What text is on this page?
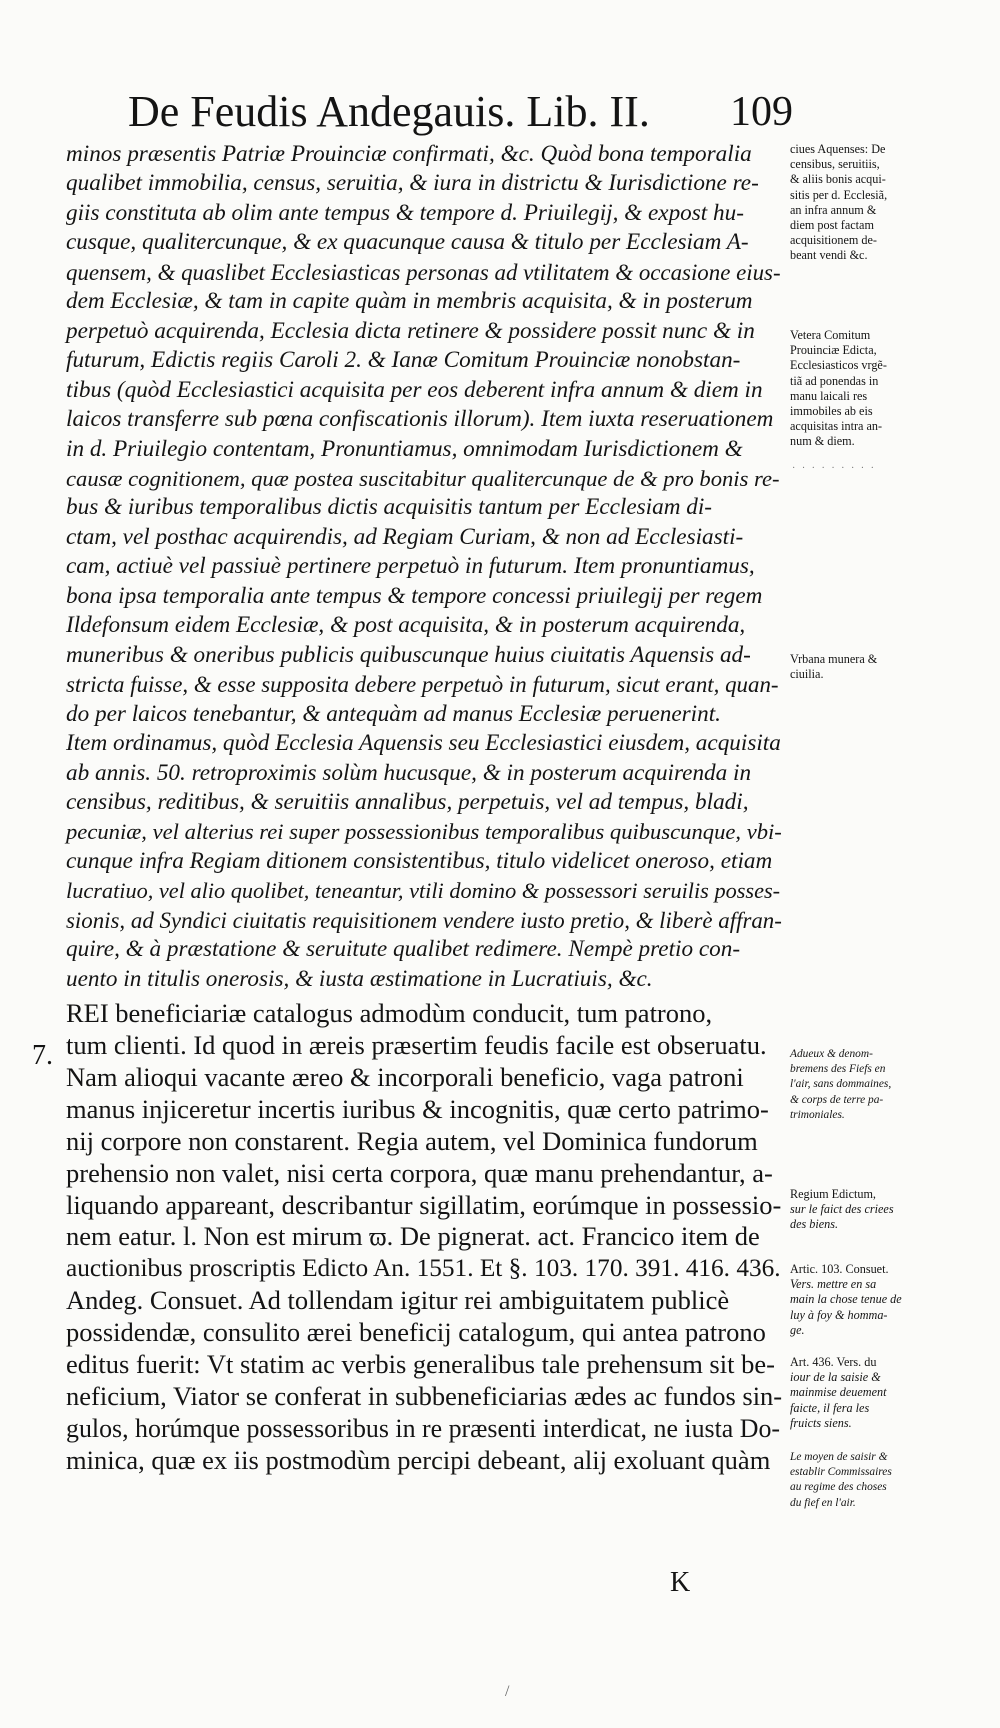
De Feudis Andegauis. Lib. II. 109
minos præsentis Patriæ Prouinciæ confirmati, &c. Quòd bona temporalia
qualibet immobilia, census, seruitia, & iura in districtu & Iurisdictione re-
giis constituta ab olim ante tempus & tempore d. Priuilegij, & expost hu-
cusque, qualitercunque, & ex quacunque causa & titulo per Ecclesiam A-
quensem, & quaslibet Ecclesiasticas personas ad vtilitatem & occasione eius-
dem Ecclesiæ, & tam in capite quàm in membris acquisita, & in posterum
perpetuò acquirenda, Ecclesia dicta retinere & possidere possit nunc & in
futurum, Edictis regiis Caroli 2. & Ianæ Comitum Prouinciæ nonobstan-
tibus (quòd Ecclesiastici acquisita per eos deberent infra annum & diem in
laicos transferre sub pœna confiscationis illorum). Item iuxta reseruationem
in d. Priuilegio contentam, Pronuntiamus, omnimodam Iurisdictionem &
causæ cognitionem, quæ postea suscitabitur qualitercunque de & pro bonis re-
bus & iuribus temporalibus dictis acquisitis tantum per Ecclesiam di-
ctam, vel posthac acquirendis, ad Regiam Curiam, & non ad Ecclesiasti-
cam, actiuè vel passiuè pertinere perpetuò in futurum. Item pronuntiamus,
bona ipsa temporalia ante tempus & tempore concessi priuilegij per regem
Ildefonsum eidem Ecclesiæ, & post acquisita, & in posterum acquirenda,
muneribus & oneribus publicis quibuscunque huius ciuitatis Aquensis ad-
stricta fuisse, & esse supposita debere perpetuò in futurum, sicut erant, quan-
do per laicos tenebantur, & antequàm ad manus Ecclesiæ peruenerint.
Item ordinamus, quòd Ecclesia Aquensis seu Ecclesiastici eiusdem, acquisita
ab annis. 50. retroproximis solùm hucusque, & in posterum acquirenda in
censibus, reditibus, & seruitiis annalibus, perpetuis, vel ad tempus, bladi,
pecuniæ, vel alterius rei super possessionibus temporalibus quibuscunque, vbi-
cunque infra Regiam ditionem consistentibus, titulo videlicet oneroso, etiam
lucratiuo, vel alio quolibet, teneantur, vtili domino & possessori seruilis posses-
sionis, ad Syndici ciuitatis requisitionem vendere iusto pretio, & liberè affran-
quire, & à præstatione & seruitute qualibet redimere. Nempè pretio con-
uento in titulis onerosis, & iusta æstimatione in Lucratiuis, &c.
REI beneficiariæ catalogus admodùm conducit, tum patrono,
tum clienti. Id quod in æreis præsertim feudis facile est obseruatu.
Nam alioqui vacante æreo & incorporali beneficio, vaga patroni
manus injiceretur incertis iuribus & incognitis, quæ certo patrimo-
nij corpore non constarent. Regia autem, vel Dominica fundorum
prehensio non valet, nisi certa corpora, quæ manu prehendantur, a-
liquando appareant, describantur sigillatim, eorúmque in possessio-
nem eatur. l. Non est mirum ϖ. De pignerat. act. Francico item de
auctionibus proscriptis Edicto An. 1551. Et §. 103. 170. 391. 416. 436.
Andeg. Consuet. Ad tollendam igitur rei ambiguitatem publicè
possidendæ, consulito ærei beneficij catalogum, qui antea patrono
editus fuerit: Vt statim ac verbis generalibus tale prehensum sit be-
neficium, Viator se conferat in subbeneficiarias ædes ac fundos sin-
gulos, horúmque possessoribus in re præsenti interdicat, ne iusta Do-
minica, quæ ex iis postmodùm percipi debeant, alij exoluant quàm
7.

ciues Aquenses: De

censibus, seruitiis,

& aliis bonis acqui-

sitis per d. Ecclesiã,

an infra annum &

diem post factam

acquisitionem de-

beant vendi &c.

Vetera Comitum

Prouinciæ Edicta,

Ecclesiasticos vrgẽ-

tiã ad ponendas in

manu laicali res

immobiles ab eis

acquisitas intra an-

num & diem.

· · · · · · · · ·

Vrbana munera &

ciuilia.

Adueux & denom-

bremens des Fiefs en

l'air, sans dommaines,

& corps de terre pa-

trimoniales.

Regium Edictum,

sur le faict des criees

des biens.

Artic. 103. Consuet.

Vers. mettre en sa

main la chose tenue de

luy à foy & homma-

ge.

Art. 436. Vers. du

iour de la saisie &

mainmise deuement

faicte, il fera les

fruicts siens.

Le moyen de saisir &

establir Commissaires

au regime des choses

du fief en l'air.

K
/
